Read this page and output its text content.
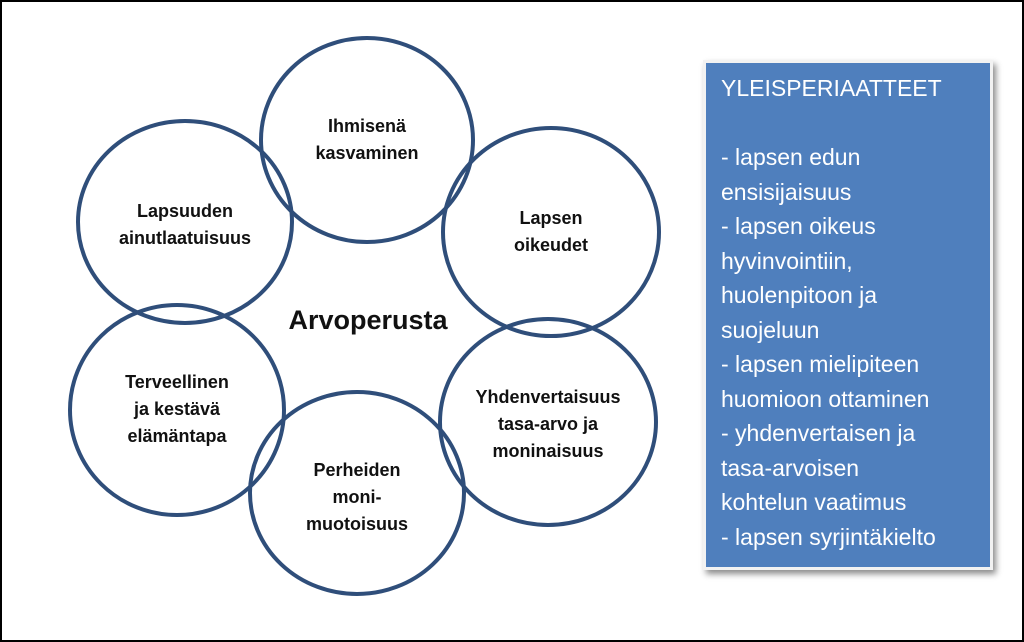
Ihmisenä
kasvaminen
Lapsen
oikeudet
Yhdenvertaisuus
tasa-arvo ja
moninaisuus
Perheiden
moni-
muotoisuus
Terveellinen
ja kestävä
elämäntapa
Lapsuuden
ainutlaatuisuus
Arvoperusta
YLEISPERIAATTEET
- lapsen edun
ensisijaisuus
- lapsen oikeus
hyvinvointiin,
huolenpitoon ja
suojeluun
- lapsen mielipiteen
huomioon ottaminen
- yhdenvertaisen ja
tasa-arvoisen
kohtelun vaatimus
- lapsen syrjintäkielto
